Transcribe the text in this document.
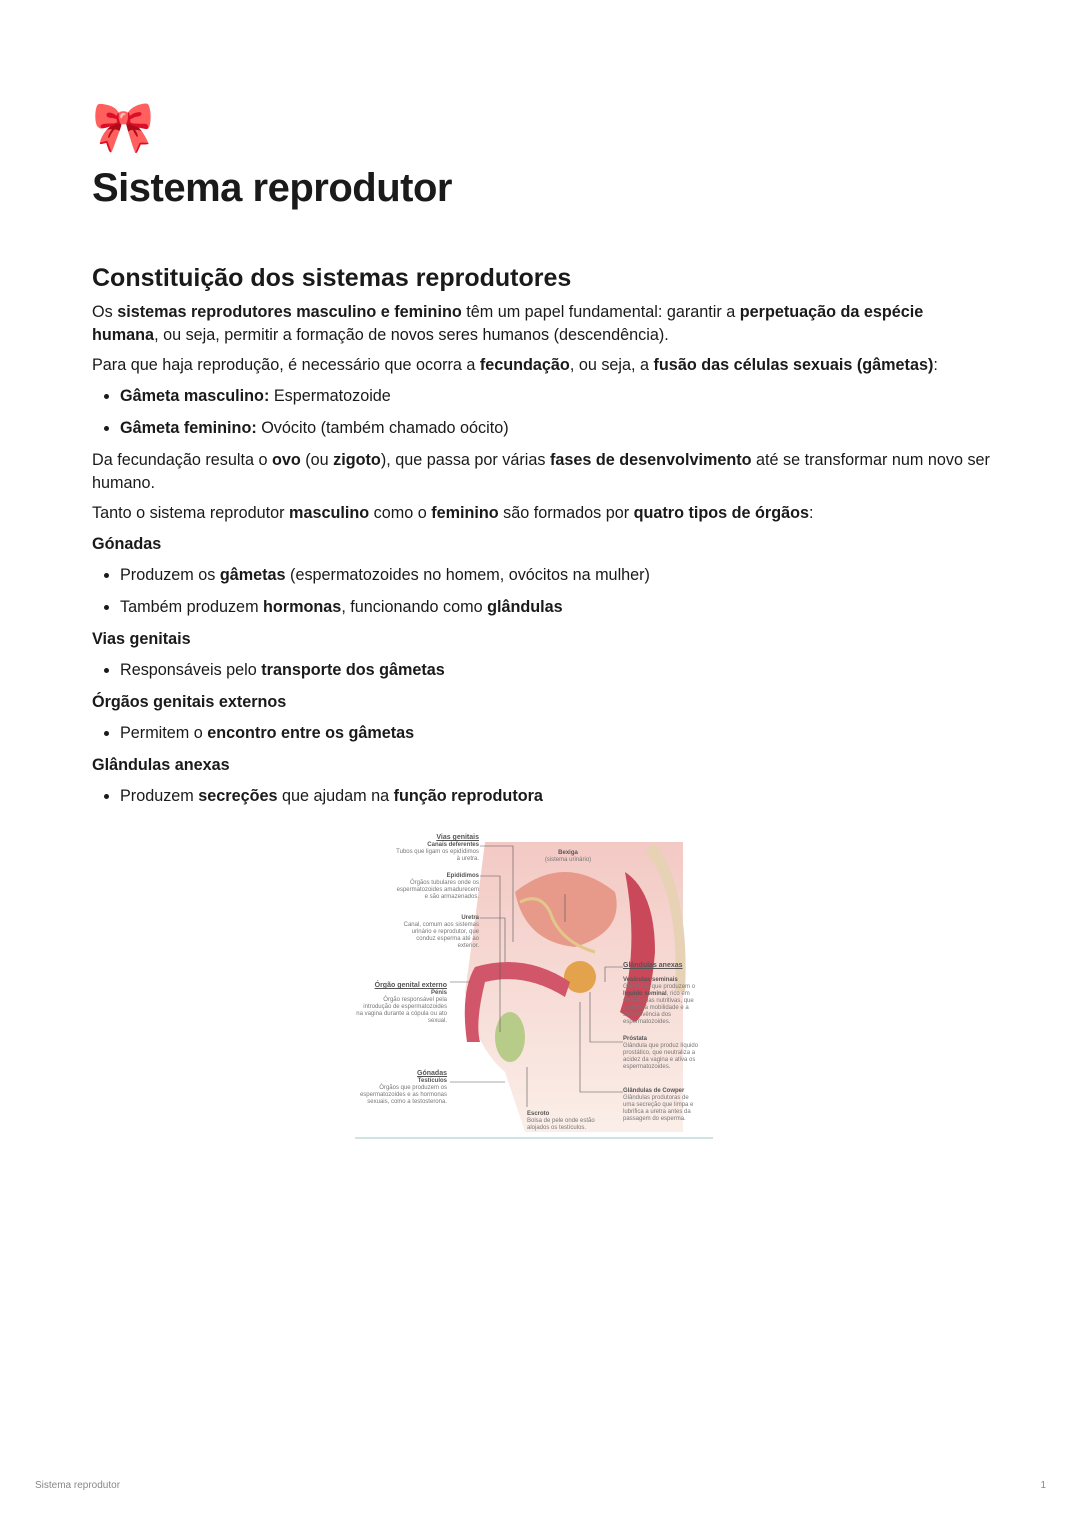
🎀
Sistema reprodutor
Constituição dos sistemas reprodutores

Os sistemas reprodutores masculino e feminino têm um papel fundamental: garantir a perpetuação da espécie humana, ou seja, permitir a formação de novos seres humanos (descendência).

Para que haja reprodução, é necessário que ocorra a fecundação, ou seja, a fusão das células sexuais (gâmetas):

• Gâmeta masculino: Espermatozoide
• Gâmeta feminino: Ovócito (também chamado oócito)

Da fecundação resulta o ovo (ou zigoto), que passa por várias fases de desenvolvimento até se transformar num novo ser humano.

Tanto o sistema reprodutor masculino como o feminino são formados por quatro tipos de órgãos:

Gónadas
• Produzem os gâmetas (espermatozoides no homem, ovócitos na mulher)
• Também produzem hormonas, funcionando como glândulas
Vias genitais
• Responsáveis pelo transporte dos gâmetas
Órgãos genitais externos
• Permitem o encontro entre os gâmetas
Glândulas anexas
• Produzem secreções que ajudam na função reprodutora
Vias genitais
Canais deferentes
Tubos que ligam os epidídimos à uretra.
Epidídimos
Órgãos tubulares onde os espermatozoides amadurecem e são armazenados.
Uretra
Canal, comum aos sistemas urinário e reprodutor, que conduz esperma até ao exterior.
Órgão genital externo
Pénis
Órgão responsável pela introdução de espermatozoides na vagina durante a cópula ou ato sexual.
Gónadas
Testículos
Órgãos que produzem os espermatozoides e as hormonas sexuais, como a testosterona.
Bexiga
(sistema urinário)
Glândulas anexas
Vesículas seminais
Glândulas que produzem o líquido seminal, rico em substâncias nutritivas, que permite a mobilidade e a sobrevivência dos espermatozoides.
Próstata
Glândula que produz líquido prostático, que neutraliza a acidez da vagina e ativa os espermatozoides.
Glândulas de Cowper
Glândulas produtoras de uma secreção que limpa e lubrifica a uretra antes da passagem do esperma.
Escroto
Bolsa de pele onde estão alojados os testículos.
Sistema reprodutor	1
